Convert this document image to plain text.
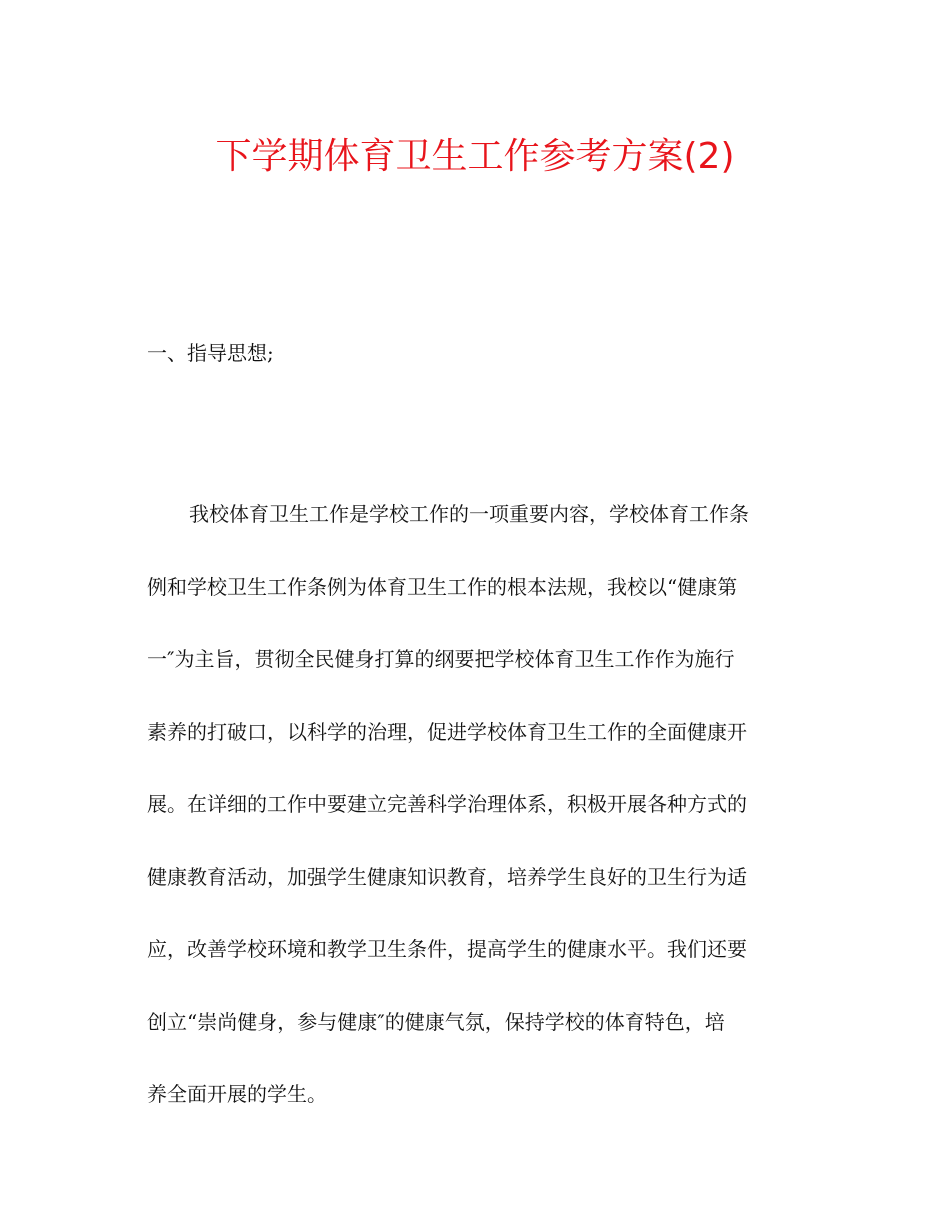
下学期体育卫生工作参考方案(2)
一、指导思想;
我校体育卫生工作是学校工作的一项重要内容，学校体育工作条
例和学校卫生工作条例为体育卫生工作的根本法规，我校以“健康第
一″为主旨，贯彻全民健身打算的纲要把学校体育卫生工作作为施行
素养的打破口，以科学的治理，促进学校体育卫生工作的全面健康开
展。在详细的工作中要建立完善科学治理体系，积极开展各种方式的
健康教育活动，加强学生健康知识教育，培养学生良好的卫生行为适
应，改善学校环境和教学卫生条件，提高学生的健康水平。我们还要
创立“崇尚健身，参与健康″的健康气氛，保持学校的体育特色，培
养全面开展的学生。
